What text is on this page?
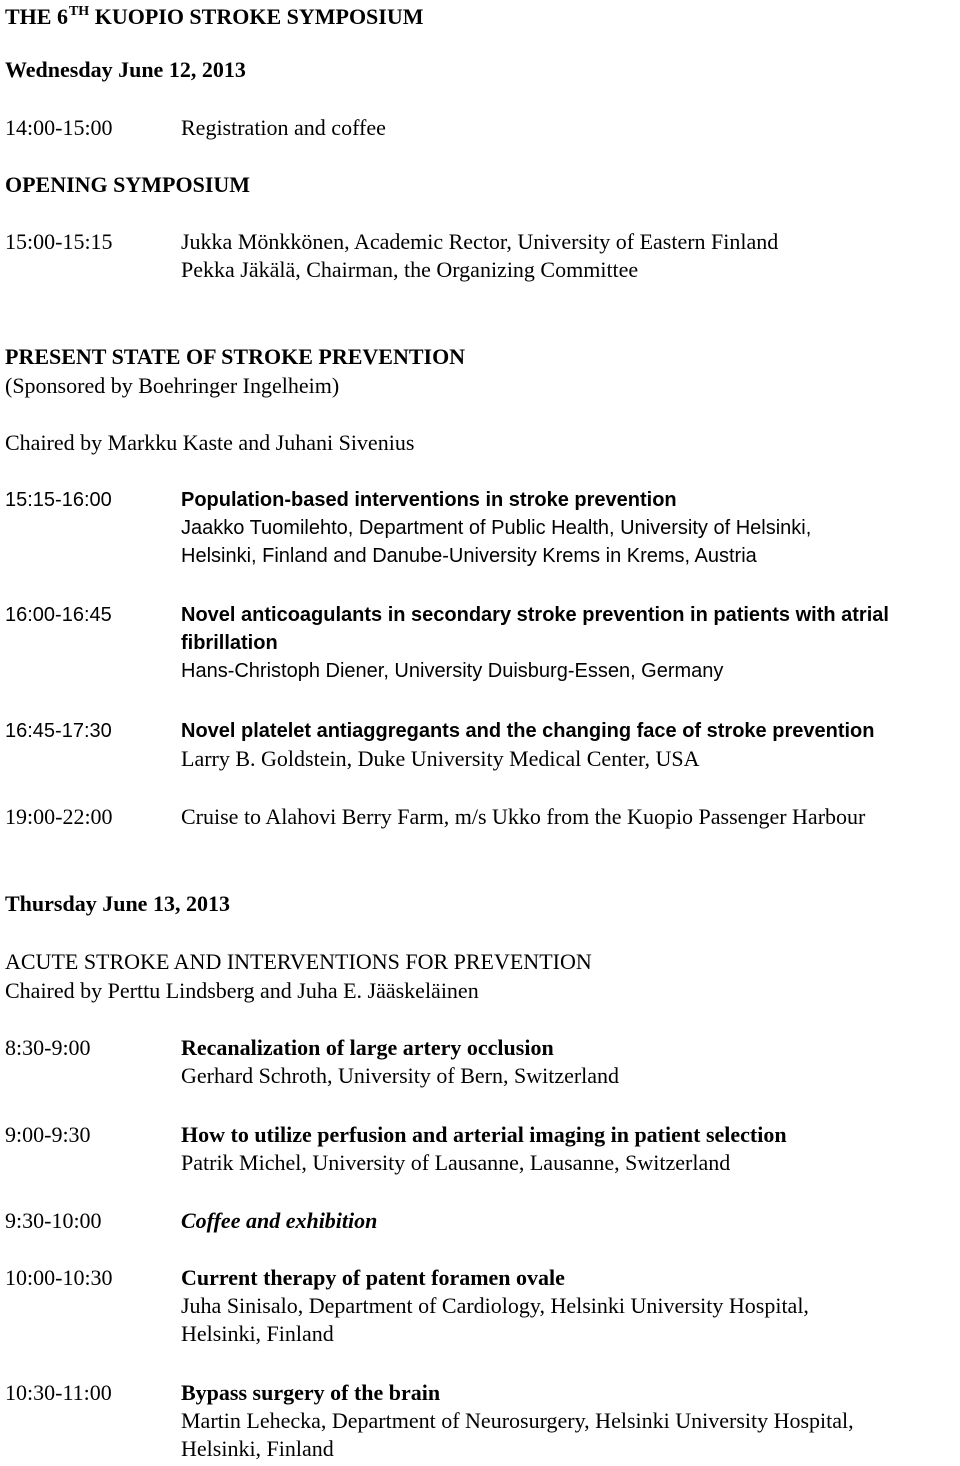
THE 6TH KUOPIO STROKE SYMPOSIUM
Wednesday June 12, 2013
14:00-15:00	Registration and coffee
OPENING SYMPOSIUM
15:00-15:15	Jukka Mönkkönen, Academic Rector, University of Eastern Finland
Pekka Jäkälä, Chairman, the Organizing Committee
PRESENT STATE OF STROKE PREVENTION
(Sponsored by Boehringer Ingelheim)
Chaired by Markku Kaste and Juhani Sivenius
15:15-16:00	Population-based interventions in stroke prevention
Jaakko Tuomilehto, Department of Public Health, University of Helsinki,
Helsinki, Finland and Danube-University Krems in Krems, Austria
16:00-16:45	Novel anticoagulants in secondary stroke prevention in patients with atrial fibrillation
Hans-Christoph Diener, University Duisburg-Essen, Germany
16:45-17:30	Novel platelet antiaggregants and the changing face of stroke prevention
Larry B. Goldstein, Duke University Medical Center, USA
19:00-22:00	Cruise to Alahovi Berry Farm, m/s Ukko from the Kuopio Passenger Harbour
Thursday June 13, 2013
ACUTE STROKE AND INTERVENTIONS FOR PREVENTION
Chaired by Perttu Lindsberg and Juha E. Jääskeläinen
8:30-9:00	Recanalization of large artery occlusion
Gerhard Schroth, University of Bern, Switzerland
9:00-9:30	How to utilize perfusion and arterial imaging in patient selection
Patrik Michel, University of Lausanne, Lausanne, Switzerland
9:30-10:00	Coffee and exhibition
10:00-10:30	Current therapy of patent foramen ovale
Juha Sinisalo, Department of Cardiology, Helsinki University Hospital,
Helsinki, Finland
10:30-11:00	Bypass surgery of the brain
Martin Lehecka, Department of Neurosurgery, Helsinki University Hospital,
Helsinki, Finland
